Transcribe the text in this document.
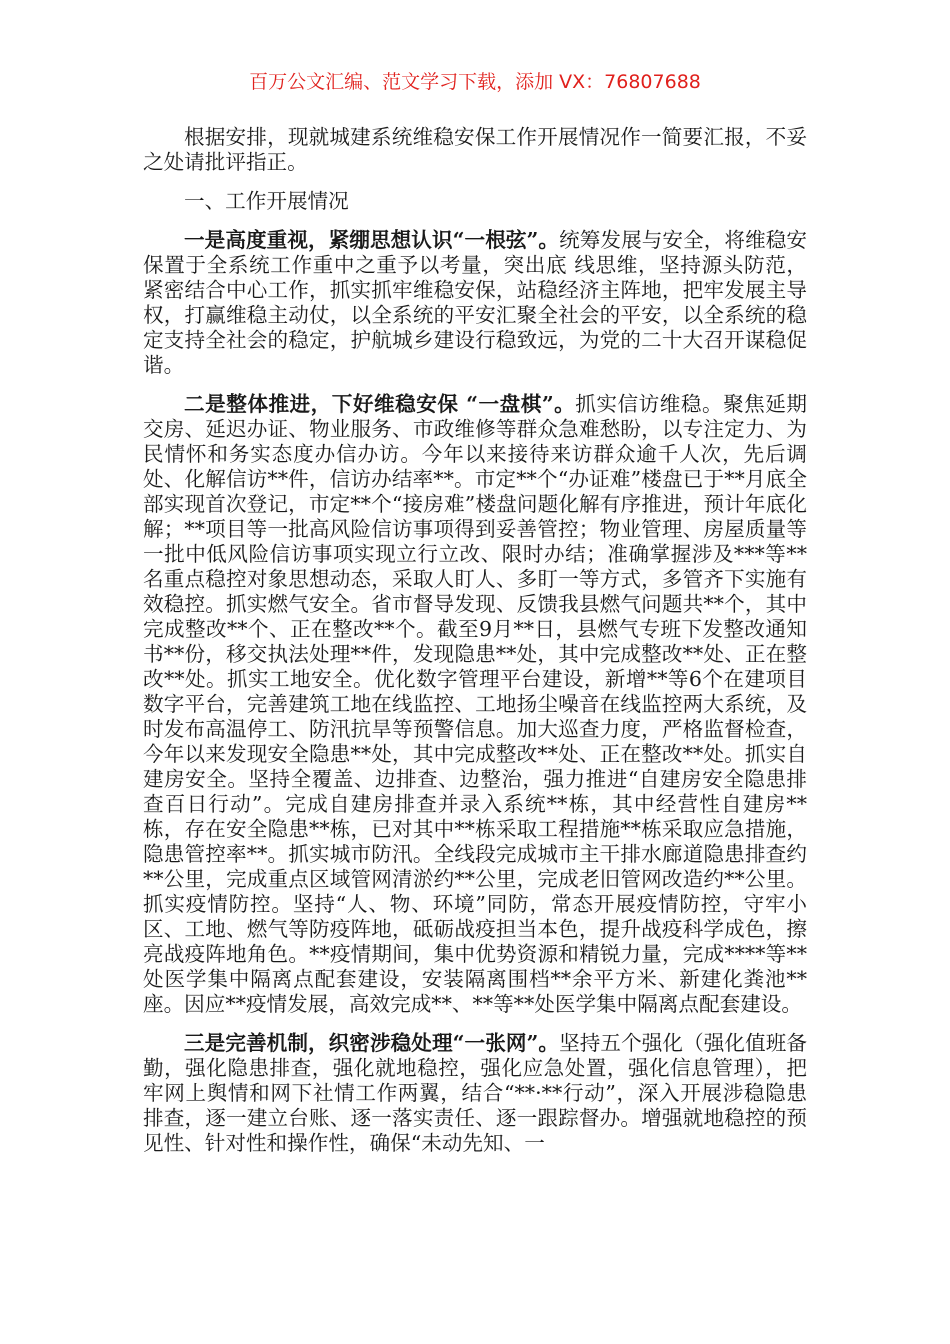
百万公文汇编、范文学习下载，添加 VX：76807688

根据安排，现就城建系统维稳安保工作开展情况作一简要汇报，不妥之处请批评指正。

一、工作开展情况

一是高度重视，紧绷思想认识“一根弦”。统筹发展与安全，将维稳安保置于全系统工作重中之重予以考量，突出底 线思维，坚持源头防范，紧密结合中心工作，抓实抓牢维稳安保，站稳经济主阵地，把牢发展主导权，打赢维稳主动仗，以全系统的平安汇聚全社会的平安，以全系统的稳定支持全社会的稳定，护航城乡建设行稳致远，为党的二十大召开谋稳促谐。

二是整体推进，下好维稳安保 “一盘棋”。抓实信访维稳。聚焦延期交房、延迟办证、物业服务、市政维修等群众急难愁盼，以专注定力、为民情怀和务实态度办信办访。今年以来接待来访群众逾千人次，先后调处、化解信访**件，信访办结率**。市定**个“办证难”楼盘已于**月底全部实现首次登记，市定**个“接房难”楼盘问题化解有序推进，预计年底化解；**项目等一批高风险信访事项得到妥善管控；物业管理、房屋质量等一批中低风险信访事项实现立行立改、限时办结；准确掌握涉及***等**名重点稳控对象思想动态，采取人盯人、多盯一等方式，多管齐下实施有效稳控。抓实燃气安全。省市督导发现、反馈我县燃气问题共**个，其中完成整改**个、正在整改**个。截至9月**日，县燃气专班下发整改通知书**份，移交执法处理**件，发现隐患**处，其中完成整改**处、正在整改**处。抓实工地安全。优化数字管理平台建设，新增**等6个在建项目数字平台，完善建筑工地在线监控、工地扬尘噪音在线监控两大系统，及时发布高温停工、防汛抗旱等预警信息。加大巡查力度，严格监督检查，今年以来发现安全隐患**处，其中完成整改**处、正在整改**处。抓实自建房安全。坚持全覆盖、边排查、边整治，强力推进“自建房安全隐患排查百日行动”。完成自建房排查并录入系统**栋，其中经营性自建房**栋，存在安全隐患**栋，已对其中**栋采取工程措施**栋采取应急措施，隐患管控率**。抓实城市防汛。全线段完成城市主干排水廊道隐患排查约**公里，完成重点区域管网清淤约**公里，完成老旧管网改造约**公里。抓实疫情防控。坚持“人、物、环境”同防，常态开展疫情防控，守牢小区、工地、燃气等防疫阵地，砥砺战疫担当本色，提升战疫科学成色，擦亮战疫阵地角色。**疫情期间，集中优势资源和精锐力量，完成****等**处医学集中隔离点配套建设，安装隔离围档**余平方米、新建化粪池**座。因应**疫情发展，高效完成**、**等**处医学集中隔离点配套建设。

三是完善机制，织密涉稳处理“一张网”。坚持五个强化（强化值班备勤，强化隐患排查，强化就地稳控，强化应急处置，强化信息管理），把牢网上舆情和网下社情工作两翼，结合“**·**行动”，深入开展涉稳隐患排查，逐一建立台账、逐一落实责任、逐一跟踪督办。增强就地稳控的预见性、针对性和操作性，确保“未动先知、一
